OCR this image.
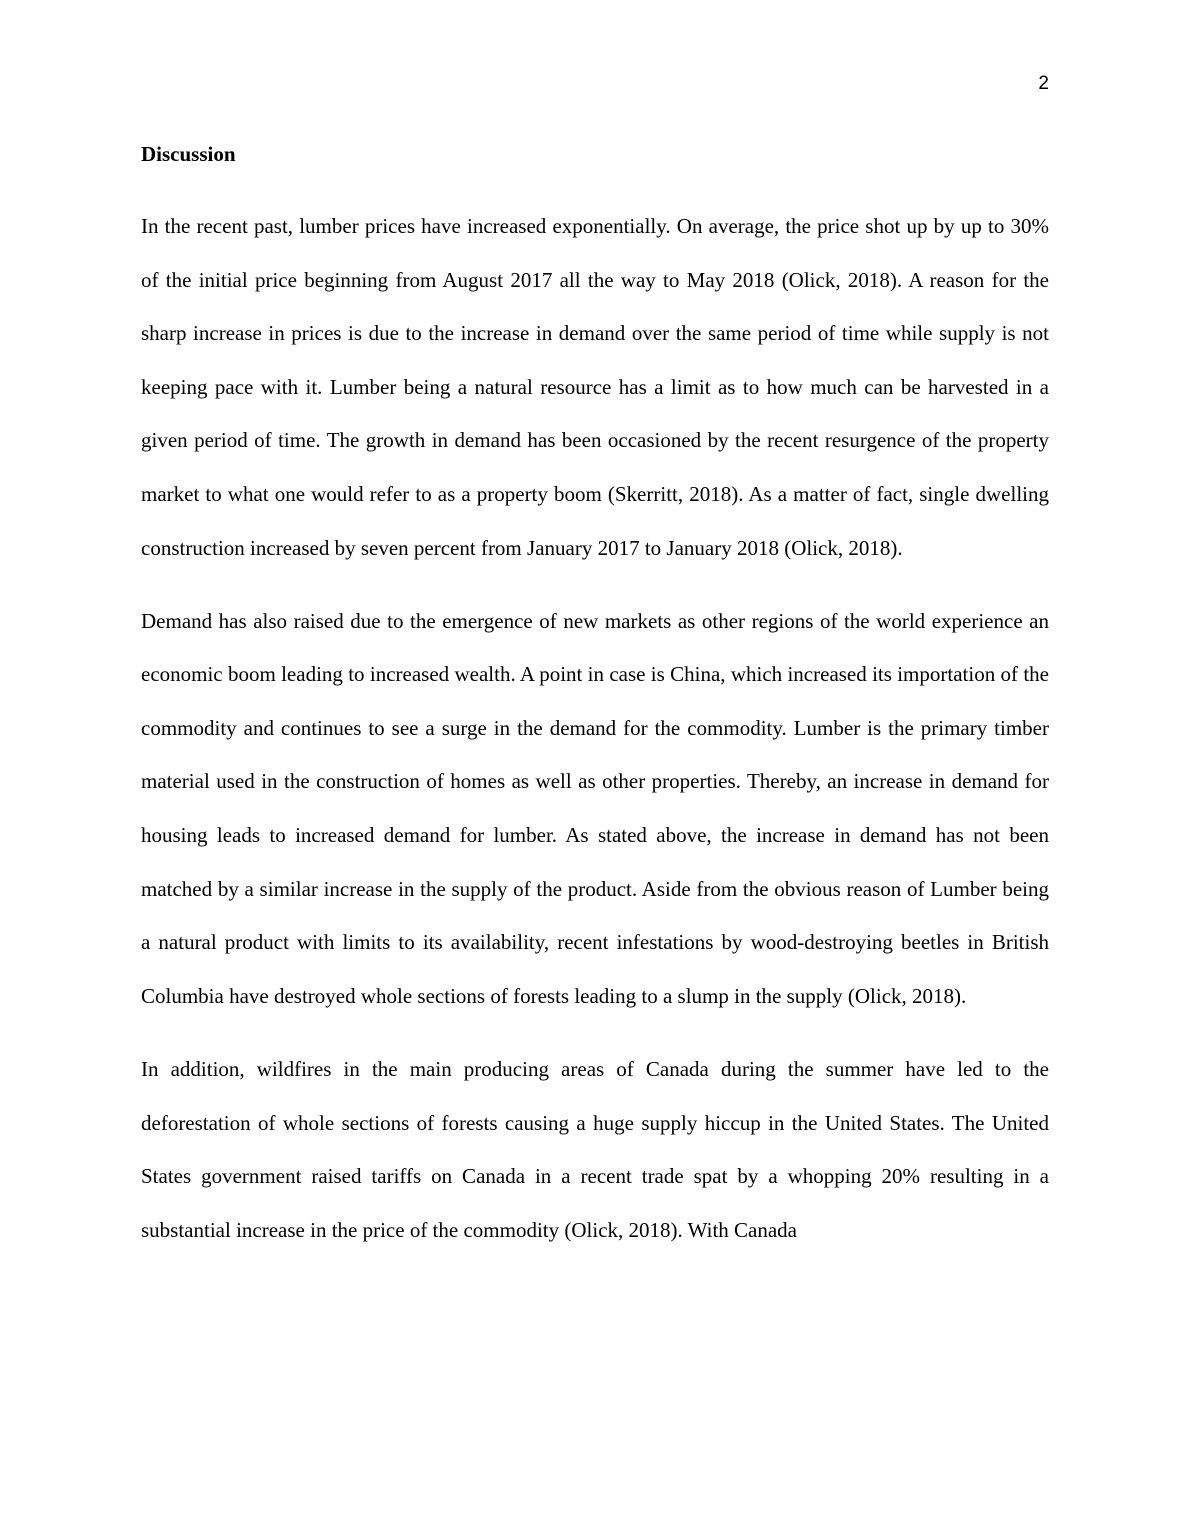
2
Discussion

In the recent past, lumber prices have increased exponentially. On average, the price shot up by up to 30% of the initial price beginning from August 2017 all the way to May 2018 (Olick, 2018). A reason for the sharp increase in prices is due to the increase in demand over the same period of time while supply is not keeping pace with it. Lumber being a natural resource has a limit as to how much can be harvested in a given period of time. The growth in demand has been occasioned by the recent resurgence of the property market to what one would refer to as a property boom (Skerritt, 2018). As a matter of fact, single dwelling construction increased by seven percent from January 2017 to January 2018 (Olick, 2018).

Demand has also raised due to the emergence of new markets as other regions of the world experience an economic boom leading to increased wealth. A point in case is China, which increased its importation of the commodity and continues to see a surge in the demand for the commodity. Lumber is the primary timber material used in the construction of homes as well as other properties. Thereby, an increase in demand for housing leads to increased demand for lumber. As stated above, the increase in demand has not been matched by a similar increase in the supply of the product. Aside from the obvious reason of Lumber being a natural product with limits to its availability, recent infestations by wood-destroying beetles in British Columbia have destroyed whole sections of forests leading to a slump in the supply (Olick, 2018).

In addition, wildfires in the main producing areas of Canada during the summer have led to the deforestation of whole sections of forests causing a huge supply hiccup in the United States. The United States government raised tariffs on Canada in a recent trade spat by a whopping 20% resulting in a substantial increase in the price of the commodity (Olick, 2018). With Canada
